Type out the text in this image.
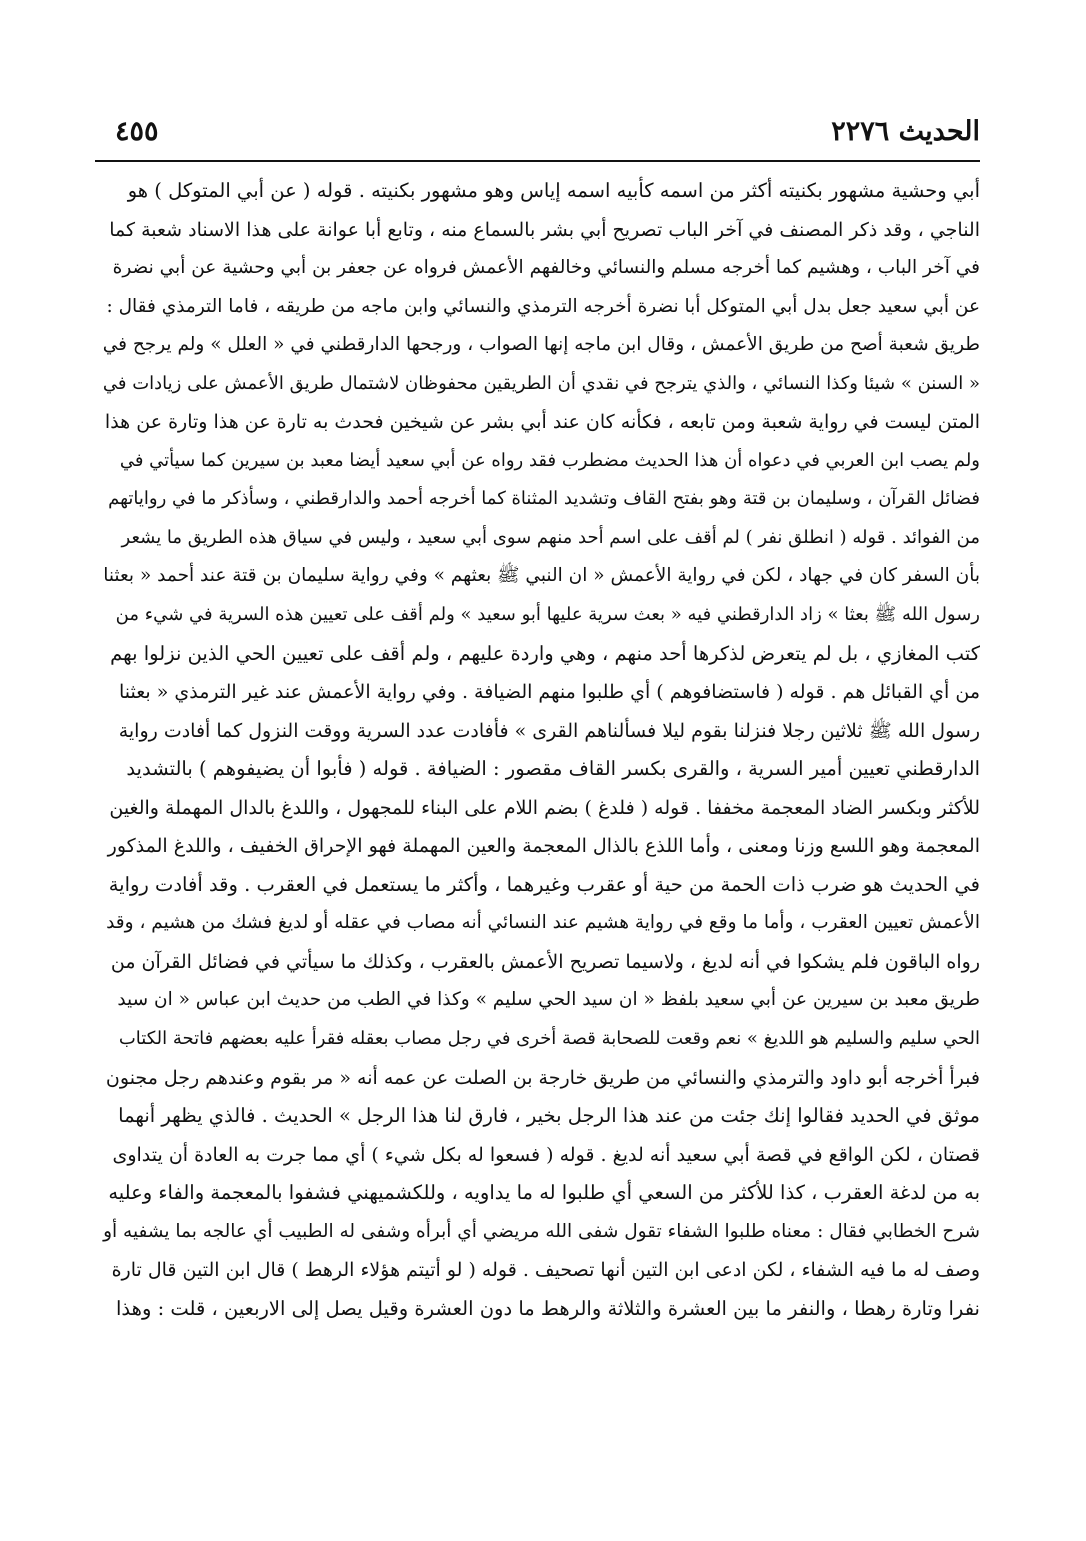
الحديث ٢٢٧٦
٤٥٥
أبي وحشية مشهور بكنيته أكثر من اسمه كأبيه اسمه إياس وهو مشهور بكنيته . قوله ( عن أبي المتوكل ) هو
الناجي ، وقد ذكر المصنف في آخر الباب تصريح أبي بشر بالسماع منه ، وتابع أبا عوانة على هذا الاسناد شعبة كما
في آخر الباب ، وهشيم كما أخرجه مسلم والنسائي وخالفهم الأعمش فرواه عن جعفر بن أبي وحشية عن أبي نضرة
عن أبي سعيد جعل بدل أبي المتوكل أبا نضرة أخرجه الترمذي والنسائي وابن ماجه من طريقه ، فاما الترمذي فقال :
طريق شعبة أصح من طريق الأعمش ، وقال ابن ماجه إنها الصواب ، ورجحها الدارقطني في « العلل » ولم يرجح في
« السنن » شيئا وكذا النسائي ، والذي يترجح في نقدي أن الطريقين محفوظان لاشتمال طريق الأعمش على زيادات في
المتن ليست في رواية شعبة ومن تابعه ، فكأنه كان عند أبي بشر عن شيخين فحدث به تارة عن هذا وتارة عن هذا
ولم يصب ابن العربي في دعواه أن هذا الحديث مضطرب فقد رواه عن أبي سعيد أيضا معبد بن سيرين كما سيأتي في
فضائل القرآن ، وسليمان بن قتة وهو بفتح القاف وتشديد المثناة كما أخرجه أحمد والدارقطني ، وسأذكر ما في رواياتهم
من الفوائد . قوله ( انطلق نفر ) لم أقف على اسم أحد منهم سوى أبي سعيد ، وليس في سياق هذه الطريق ما يشعر
بأن السفر كان في جهاد ، لكن في رواية الأعمش « ان النبي ﷺ بعثهم » وفي رواية سليمان بن قتة عند أحمد « بعثنا
رسول الله ﷺ بعثا » زاد الدارقطني فيه « بعث سرية عليها أبو سعيد » ولم أقف على تعيين هذه السرية في شيء من
كتب المغازي ، بل لم يتعرض لذكرها أحد منهم ، وهي واردة عليهم ، ولم أقف على تعيين الحي الذين نزلوا بهم
من أي القبائل هم . قوله ( فاستضافوهم ) أي طلبوا منهم الضيافة . وفي رواية الأعمش عند غير الترمذي « بعثنا
رسول الله ﷺ ثلاثين رجلا فنزلنا بقوم ليلا فسألناهم القرى » فأفادت عدد السرية ووقت النزول كما أفادت رواية
الدارقطني تعيين أمير السرية ، والقرى بكسر القاف مقصور : الضيافة . قوله ( فأبوا أن يضيفوهم ) بالتشديد
للأكثر وبكسر الضاد المعجمة مخففا . قوله ( فلدغ ) بضم اللام على البناء للمجهول ، واللدغ بالدال المهملة والغين
المعجمة وهو اللسع وزنا ومعنى ، وأما اللذع بالذال المعجمة والعين المهملة فهو الإحراق الخفيف ، واللدغ المذكور
في الحديث هو ضرب ذات الحمة من حية أو عقرب وغيرهما ، وأكثر ما يستعمل في العقرب . وقد أفادت رواية
الأعمش تعيين العقرب ، وأما ما وقع في رواية هشيم عند النسائي أنه مصاب في عقله أو لديغ فشك من هشيم ، وقد
رواه الباقون فلم يشكوا في أنه لديغ ، ولاسيما تصريح الأعمش بالعقرب ، وكذلك ما سيأتي في فضائل القرآن من
طريق معبد بن سيرين عن أبي سعيد بلفظ « ان سيد الحي سليم » وكذا في الطب من حديث ابن عباس « ان سيد
الحي سليم والسليم هو اللديغ » نعم وقعت للصحابة قصة أخرى في رجل مصاب بعقله فقرأ عليه بعضهم فاتحة الكتاب
فبرأ أخرجه أبو داود والترمذي والنسائي من طريق خارجة بن الصلت عن عمه أنه « مر بقوم وعندهم رجل مجنون
موثق في الحديد فقالوا إنك جئت من عند هذا الرجل بخير ، فارق لنا هذا الرجل » الحديث . فالذي يظهر أنهما
قصتان ، لكن الواقع في قصة أبي سعيد أنه لديغ . قوله ( فسعوا له بكل شيء ) أي مما جرت به العادة أن يتداوى
به من لدغة العقرب ، كذا للأكثر من السعي أي طلبوا له ما يداويه ، وللكشميهني فشفوا بالمعجمة والفاء وعليه
شرح الخطابي فقال : معناه طلبوا الشفاء تقول شفى الله مريضي أي أبرأه وشفى له الطبيب أي عالجه بما يشفيه أو
وصف له ما فيه الشفاء ، لكن ادعى ابن التين أنها تصحيف . قوله ( لو أتيتم هؤلاء الرهط ) قال ابن التين قال تارة
نفرا وتارة رهطا ، والنفر ما بين العشرة والثلاثة والرهط ما دون العشرة وقيل يصل إلى الاربعين ، قلت : وهذا
